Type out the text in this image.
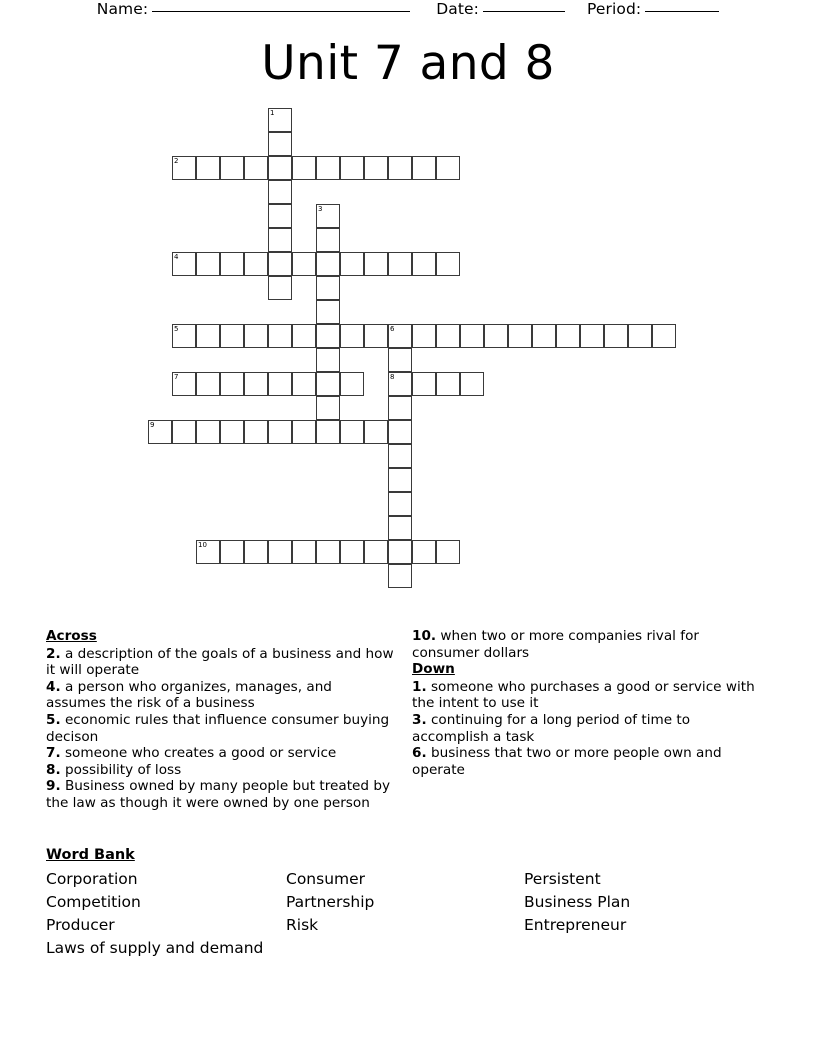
Name:	Date:	Period:
Unit 7 and 8
1
2
3
4
5	6
7	8
9
10
Across
2. a description of the goals of a business and how it will operate
4. a person who organizes, manages, and assumes the risk of a business
5. economic rules that influence consumer buying decison
7. someone who creates a good or service
8. possibility of loss
9. Business owned by many people but treated by the law as though it were owned by one person
10. when two or more companies rival for consumer dollars
Down
1. someone who purchases a good or service with the intent to use it
3. continuing for a long period of time to accomplish a task
6. business that two or more people own and operate
Word Bank
Corporation	Consumer	Persistent
Competition	Partnership	Business Plan
Producer	Risk	Entrepreneur
Laws of supply and demand
